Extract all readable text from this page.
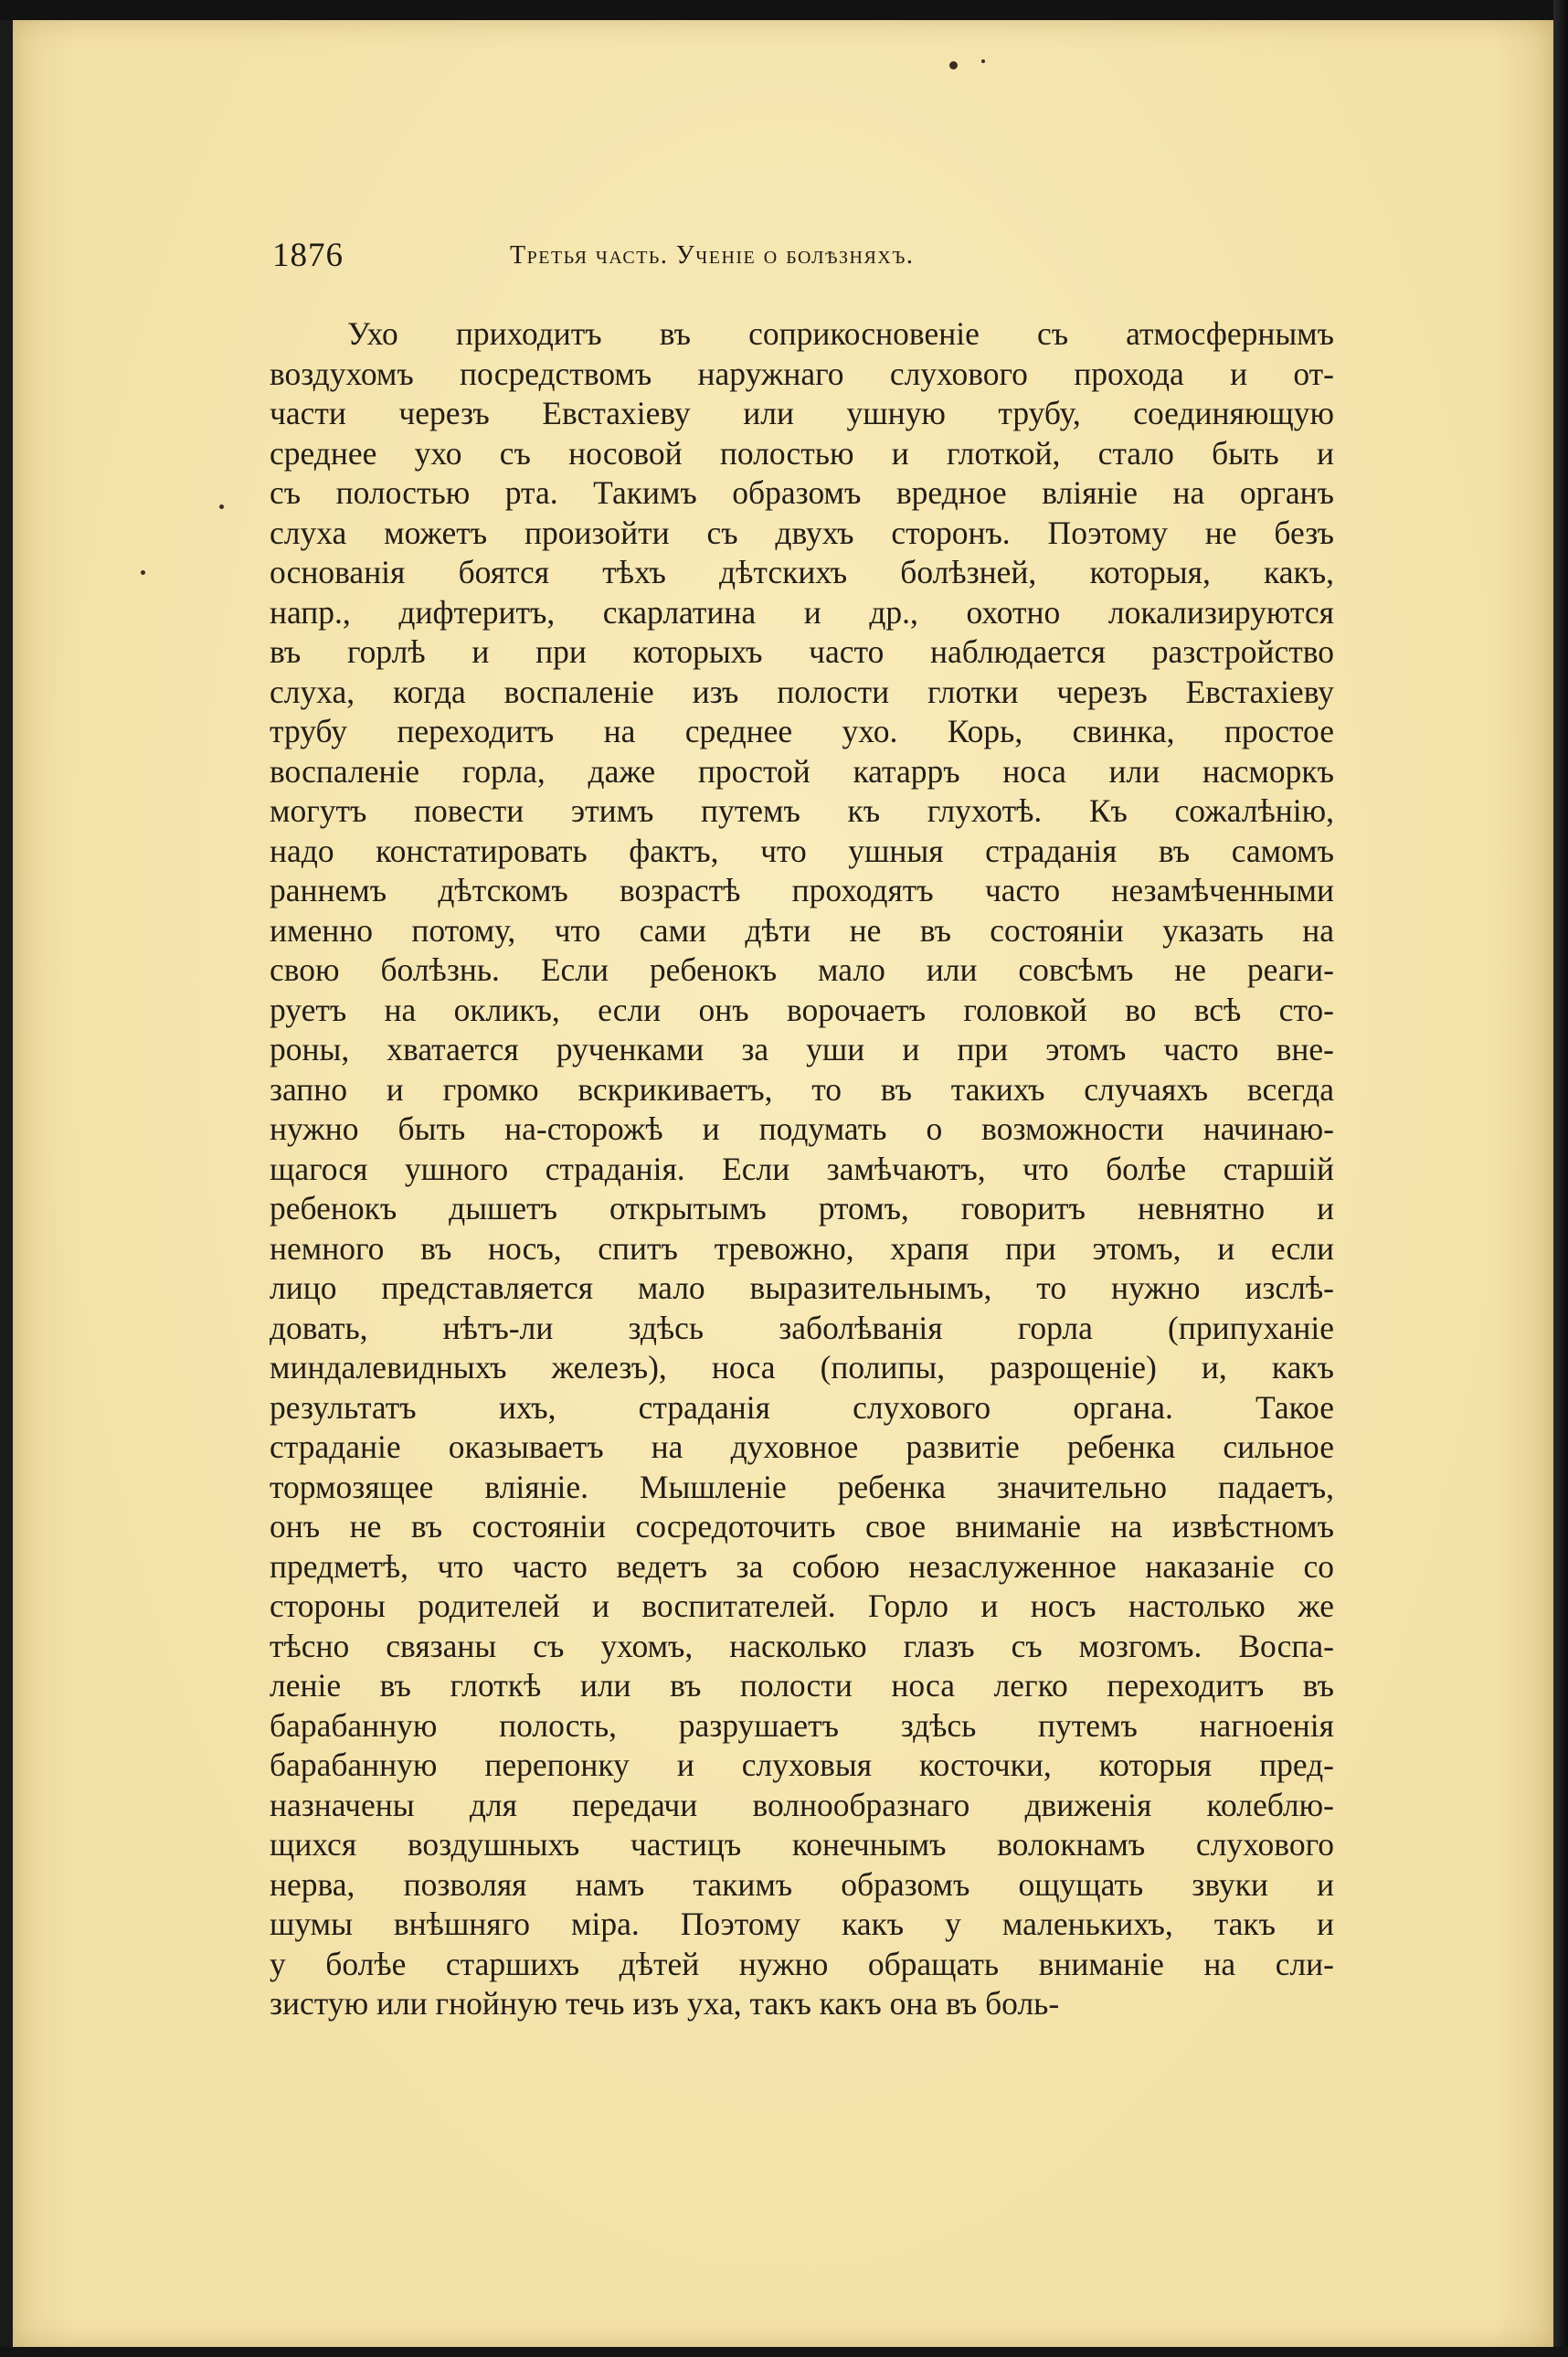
1876	Третья часть. Ученіе о болѣзняхъ.
Ухо приходитъ въ соприкосновеніе съ атмосфернымъ
воздухомъ посредствомъ наружнаго слухового прохода и от-
части черезъ Евстахіеву или ушную трубу, соединяющую
среднее ухо съ носовой полостью и глоткой, стало быть и
съ полостью рта. Такимъ образомъ вредное вліяніе на органъ
слуха можетъ произойти съ двухъ сторонъ. Поэтому не безъ
основанія боятся тѣхъ дѣтскихъ болѣзней, которыя, какъ,
напр., дифтеритъ, скарлатина и др., охотно локализируются
въ горлѣ и при которыхъ часто наблюдается разстройство
слуха, когда воспаленіе изъ полости глотки черезъ Евстахіеву
трубу переходитъ на среднее ухо. Корь, свинка, простое
воспаленіе горла, даже простой катарръ носа или насморкъ
могутъ повести этимъ путемъ къ глухотѣ. Къ сожалѣнію,
надо констатировать фактъ, что ушныя страданія въ самомъ
раннемъ дѣтскомъ возрастѣ проходятъ часто незамѣченными
именно потому, что сами дѣти не въ состояніи указать на
свою болѣзнь. Если ребенокъ мало или совсѣмъ не реаги-
руетъ на окликъ, если онъ ворочаетъ головкой во всѣ сто-
роны, хватается рученками за уши и при этомъ часто вне-
запно и громко вскрикиваетъ, то въ такихъ случаяхъ всегда
нужно быть на-сторожѣ и подумать о возможности начинаю-
щагося ушного страданія. Если замѣчаютъ, что болѣе старшій
ребенокъ дышетъ открытымъ ртомъ, говоритъ невнятно и
немного въ носъ, спитъ тревожно, храпя при этомъ, и если
лицо представляется мало выразительнымъ, то нужно изслѣ-
довать, нѣтъ-ли здѣсь заболѣванія горла (припуханіе
миндалевидныхъ железъ), носа (полипы, разрощеніе) и, какъ
результатъ ихъ, страданія слухового органа. Такое
страданіе оказываетъ на духовное развитіе ребенка сильное
тормозящее вліяніе. Мышленіе ребенка значительно падаетъ,
онъ не въ состояніи сосредоточить свое вниманіе на извѣстномъ
предметѣ, что часто ведетъ за собою незаслуженное наказаніе со
стороны родителей и воспитателей. Горло и носъ настолько же
тѣсно связаны съ ухомъ, насколько глазъ съ мозгомъ. Воспа-
леніе въ глоткѣ или въ полости носа легко переходитъ въ
барабанную полость, разрушаетъ здѣсь путемъ нагноенія
барабанную перепонку и слуховыя косточки, которыя пред-
назначены для передачи волнообразнаго движенія колеблю-
щихся воздушныхъ частицъ конечнымъ волокнамъ слухового
нерва, позволяя намъ такимъ образомъ ощущать звуки и
шумы внѣшняго міра. Поэтому какъ у маленькихъ, такъ и
у болѣе старшихъ дѣтей нужно обращать вниманіе на сли-
зистую или гнойную течь изъ уха, такъ какъ она въ боль-
